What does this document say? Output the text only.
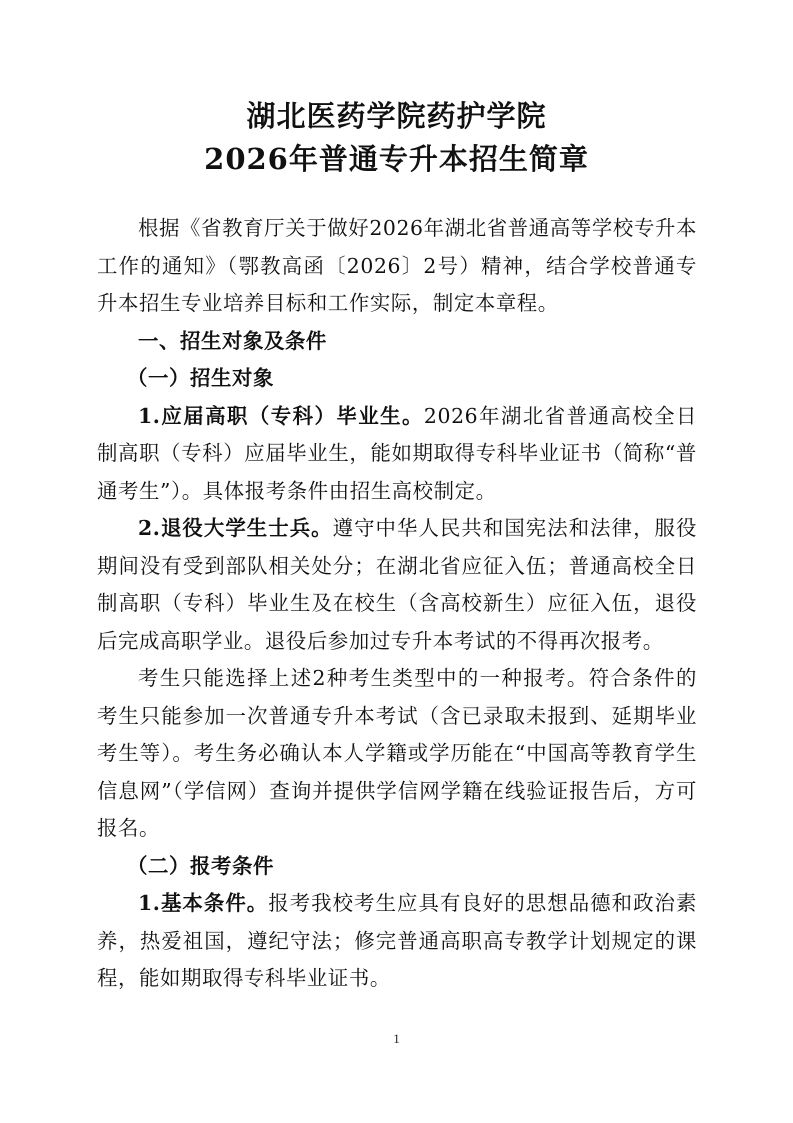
湖北医药学院药护学院
2026年普通专升本招生简章

根据《省教育厅关于做好2026年湖北省普通高等学校专升本工作的通知》（鄂教高函〔2026〕2号）精神，结合学校普通专升本招生专业培养目标和工作实际，制定本章程。

一、招生对象及条件

（一）招生对象

1.应届高职（专科）毕业生。2026年湖北省普通高校全日制高职（专科）应届毕业生，能如期取得专科毕业证书（简称“普通考生”）。具体报考条件由招生高校制定。

2.退役大学生士兵。遵守中华人民共和国宪法和法律，服役期间没有受到部队相关处分；在湖北省应征入伍；普通高校全日制高职（专科）毕业生及在校生（含高校新生）应征入伍，退役后完成高职学业。退役后参加过专升本考试的不得再次报考。

考生只能选择上述2种考生类型中的一种报考。符合条件的考生只能参加一次普通专升本考试（含已录取未报到、延期毕业考生等）。考生务必确认本人学籍或学历能在“中国高等教育学生信息网”（学信网）查询并提供学信网学籍在线验证报告后，方可报名。

（二）报考条件

1.基本条件。报考我校考生应具有良好的思想品德和政治素养，热爱祖国，遵纪守法；修完普通高职高专教学计划规定的课程，能如期取得专科毕业证书。

1
